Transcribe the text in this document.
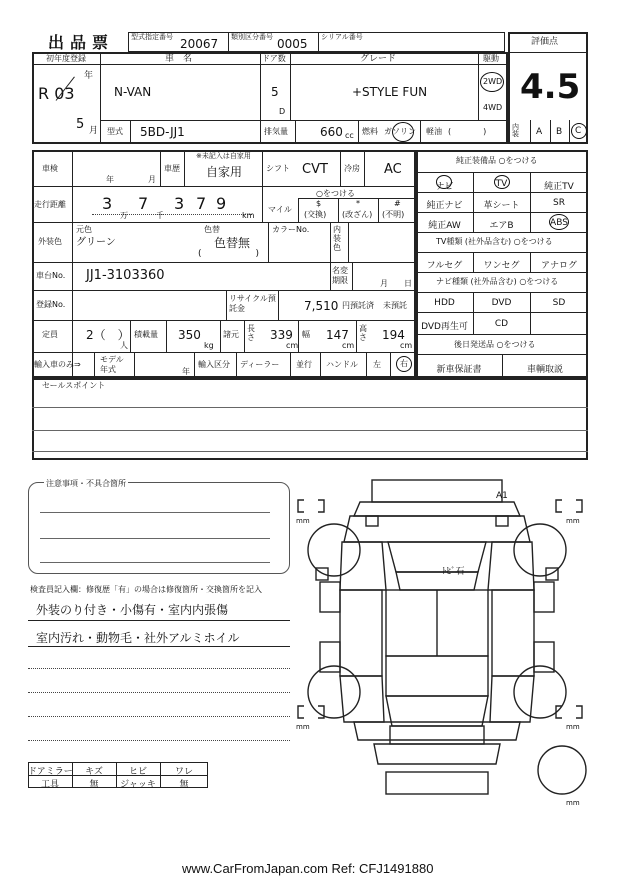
出品票 型式指定番号 20067 類別区分番号 0005 シリアル番号	評価点
4.5
初年度登録
年
R 03
5 月
車　名
N-VAN
ドア数
5
D
グレード
+STYLE FUN
駆動
2WD
4WD
型式 5BD-JJ1	排気量	660 cc 燃料 ガソリン 軽油 (　　　　)	内装	A B C
車検
年	月
車歴
※未記入は自家用
自家用	シフト CVT 冷房 AC
走行距離 3
万
7
千
3 7 9
km
○をつける
マイル
$
(交換)
*
(改ざん)
#
(不明)
外装色
元色
グリーン
色替
色替無
(　　　　　　)
カラーNo.	内装色
車台No. JJ1-3103360	名変期限	月 日
登録No.
リサイクル預託金	7,510 円預託済 未預託
定員 2（　）
人
積載量 350
kg
諸元
長さ 339
cm
幅 147
cm
高さ 194
cm
輸入車のみ⇒
モデル年式	年
輸入区分 ディーラー 並行 ハンドル 左 右
純正装備品 ○をつける
ナビ	TV	純正TV
純正ナビ	革シート	SR
純正AW	エアB	ABS
TV種類 (社外品含む) ○をつける
フルセグ	ワンセグ	アナログ
ナビ種類 (社外品含む) ○をつける
HDD	DVD	SD
DVD再生可	CD
後日発送品 ○をつける
新車保証書	車輌取説
セールスポイント
注意事項・不具合箇所
検査員記入欄：修復歴「有」の場合は修復箇所・交換箇所を記入
外装のり付き・小傷有・室内内張傷
室内汚れ・動物毛・社外アルミホイル
ドアミラー	キズ	ヒビ	ワレ
工具	無	ジャッキ	無
A1
ﾄﾋﾞ石
mm	mm
mm	mm
mm
www.CarFromJapan.com Ref: CFJ1491880
